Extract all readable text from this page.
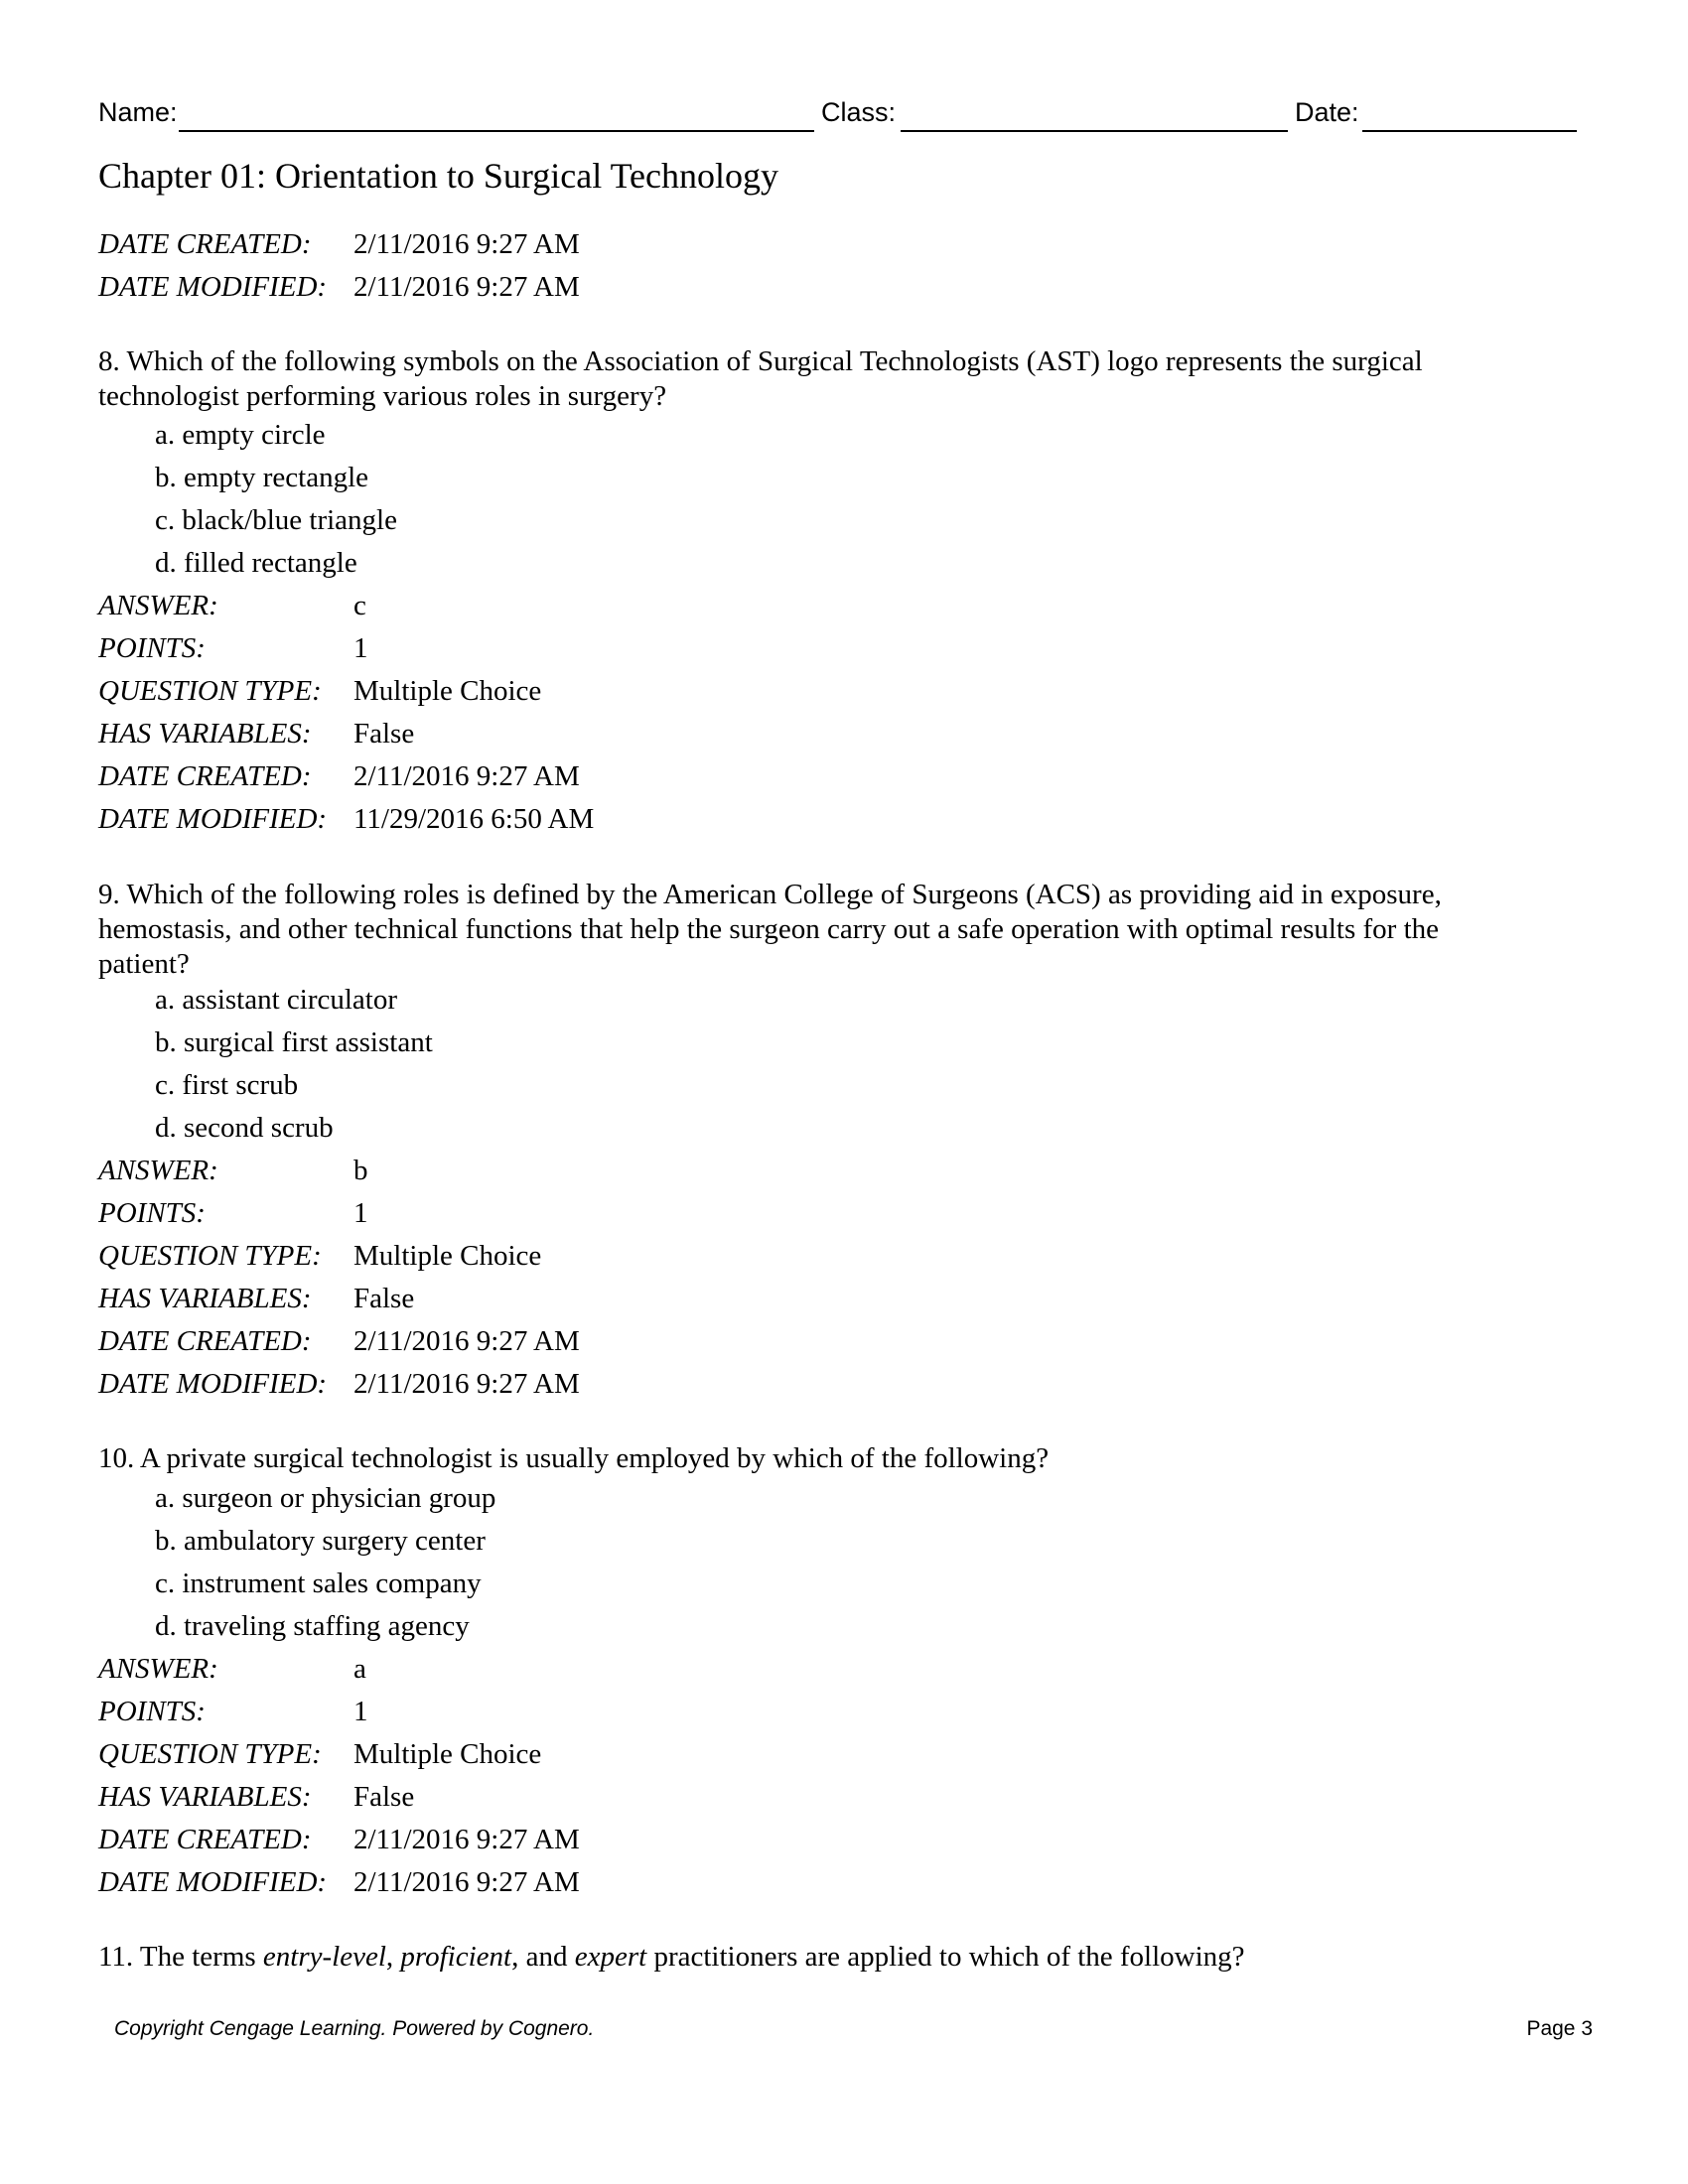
Name:	Class:	Date:
Chapter 01: Orientation to Surgical Technology
DATE CREATED: 2/11/2016 9:27 AM
DATE MODIFIED: 2/11/2016 9:27 AM
8. Which of the following symbols on the Association of Surgical Technologists (AST) logo represents the surgical technologist performing various roles in surgery?
a. empty circle
b. empty rectangle
c. black/blue triangle
d. filled rectangle
ANSWER:	c
POINTS:	1
QUESTION TYPE: Multiple Choice
HAS VARIABLES: False
DATE CREATED: 2/11/2016 9:27 AM
DATE MODIFIED: 11/29/2016 6:50 AM
9. Which of the following roles is defined by the American College of Surgeons (ACS) as providing aid in exposure, hemostasis, and other technical functions that help the surgeon carry out a safe operation with optimal results for the patient?
a. assistant circulator
b. surgical first assistant
c. first scrub
d. second scrub
ANSWER:	b
POINTS:	1
QUESTION TYPE: Multiple Choice
HAS VARIABLES: False
DATE CREATED: 2/11/2016 9:27 AM
DATE MODIFIED: 2/11/2016 9:27 AM
10. A private surgical technologist is usually employed by which of the following?
a. surgeon or physician group
b. ambulatory surgery center
c. instrument sales company
d. traveling staffing agency
ANSWER:	a
POINTS:	1
QUESTION TYPE: Multiple Choice
HAS VARIABLES: False
DATE CREATED: 2/11/2016 9:27 AM
DATE MODIFIED: 2/11/2016 9:27 AM
11. The terms entry-level, proficient, and expert practitioners are applied to which of the following?
Copyright Cengage Learning. Powered by Cognero.	Page 3
